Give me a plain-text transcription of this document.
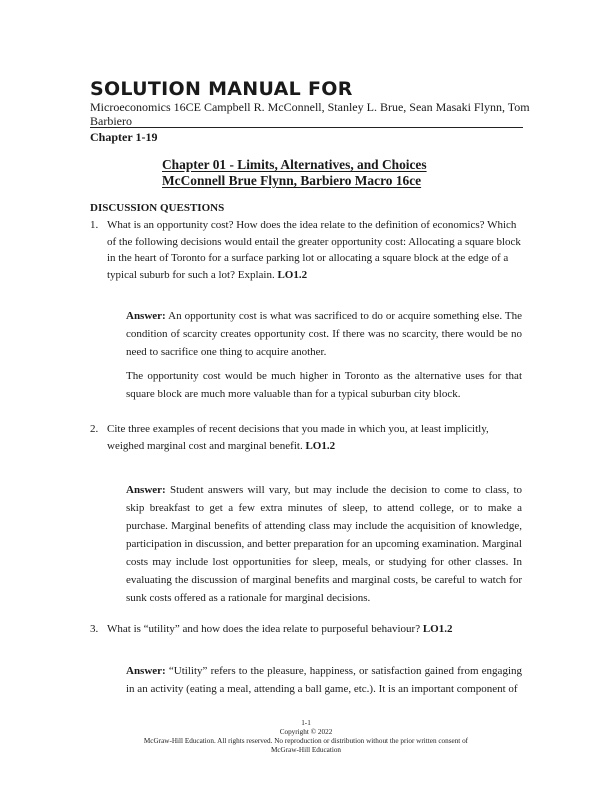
SOLUTION MANUAL FOR

Microeconomics 16CE Campbell R. McConnell, Stanley L. Brue, Sean Masaki Flynn, Tom Barbiero

Chapter 1-19
Chapter 01 - Limits, Alternatives, and Choices
McConnell Brue Flynn, Barbiero Macro 16ce
DISCUSSION QUESTIONS
1. What is an opportunity cost? How does the idea relate to the definition of economics? Which of the following decisions would entail the greater opportunity cost: Allocating a square block in the heart of Toronto for a surface parking lot or allocating a square block at the edge of a typical suburb for such a lot? Explain. LO1.2

Answer: An opportunity cost is what was sacrificed to do or acquire something else. The condition of scarcity creates opportunity cost. If there was no scarcity, there would be no need to sacrifice one thing to acquire another.

The opportunity cost would be much higher in Toronto as the alternative uses for that square block are much more valuable than for a typical suburban city block.

2. Cite three examples of recent decisions that you made in which you, at least implicitly, weighed marginal cost and marginal benefit. LO1.2

Answer: Student answers will vary, but may include the decision to come to class, to skip breakfast to get a few extra minutes of sleep, to attend college, or to make a purchase. Marginal benefits of attending class may include the acquisition of knowledge, participation in discussion, and better preparation for an upcoming examination. Marginal costs may include lost opportunities for sleep, meals, or studying for other classes. In evaluating the discussion of marginal benefits and marginal costs, be careful to watch for sunk costs offered as a rationale for marginal decisions.

3. What is “utility” and how does the idea relate to purposeful behaviour? LO1.2

Answer: “Utility” refers to the pleasure, happiness, or satisfaction gained from engaging in an activity (eating a meal, attending a ball game, etc.). It is an important component of

1-1
Copyright © 2022
McGraw-Hill Education. All rights reserved. No reproduction or distribution without the prior written consent of
McGraw-Hill Education
